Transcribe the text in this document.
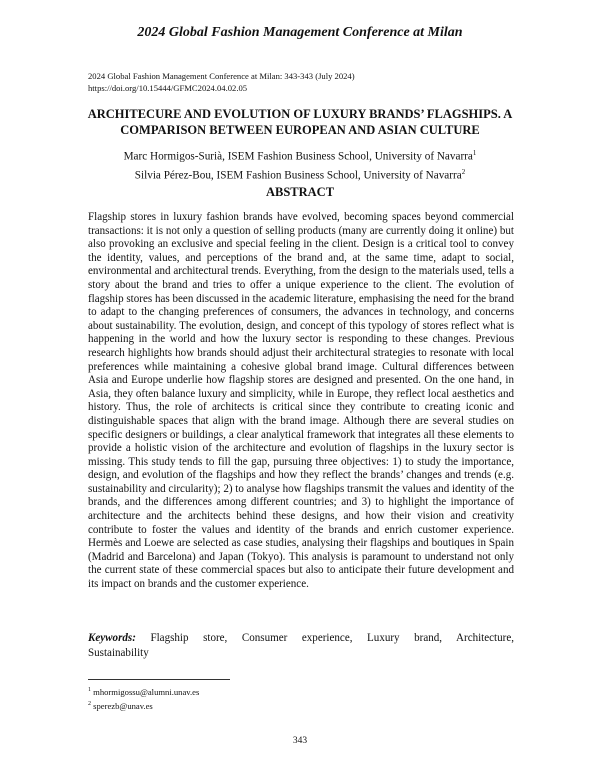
2024 Global Fashion Management Conference at Milan
2024 Global Fashion Management Conference at Milan: 343-343 (July 2024)
https://doi.org/10.15444/GFMC2024.04.02.05
ARCHITECURE AND EVOLUTION OF LUXURY BRANDS’ FLAGSHIPS. A
COMPARISON BETWEEN EUROPEAN AND ASIAN CULTURE
Marc Hormigos-Surià, ISEM Fashion Business School, University of Navarra$^1$
Silvia Pérez-Bou, ISEM Fashion Business School, University of Navarra$^2$
ABSTRACT

Flagship stores in luxury fashion brands have evolved, becoming spaces beyond commercial transactions: it is not only a question of selling products (many are currently doing it online) but also provoking an exclusive and special feeling in the client. Design is a critical tool to convey the identity, values, and perceptions of the brand and, at the same time, adapt to social, environmental and architectural trends. Everything, from the design to the materials used, tells a story about the brand and tries to offer a unique experience to the client. The evolution of flagship stores has been discussed in the academic literature, emphasising the need for the brand to adapt to the changing preferences of consumers, the advances in technology, and concerns about sustainability. The evolution, design, and concept of this typology of stores reflect what is happening in the world and how the luxury sector is responding to these changes. Previous research highlights how brands should adjust their architectural strategies to resonate with local preferences while maintaining a cohesive global brand image. Cultural differences between Asia and Europe underlie how flagship stores are designed and presented. On the one hand, in Asia, they often balance luxury and simplicity, while in Europe, they reflect local aesthetics and history. Thus, the role of architects is critical since they contribute to creating iconic and distinguishable spaces that align with the brand image. Although there are several studies on specific designers or buildings, a clear analytical framework that integrates all these elements to provide a holistic vision of the architecture and evolution of flagships in the luxury sector is missing. This study tends to fill the gap, pursuing three objectives: 1) to study the importance, design, and evolution of the flagships and how they reflect the brands’ changes and trends (e.g. sustainability and circularity); 2) to analyse how flagships transmit the values and identity of the brands, and the differences among different countries; and 3) to highlight the importance of architecture and the architects behind these designs, and how their vision and creativity contribute to foster the values and identity of the brands and enrich customer experience. Hermès and Loewe are selected as case studies, analysing their flagships and boutiques in Spain (Madrid and Barcelona) and Japan (Tokyo). This analysis is paramount to understand not only the current state of these commercial spaces but also to anticipate their future development and its impact on brands and the customer experience.

Keywords: Flagship store, Consumer experience, Luxury brand, Architecture, Sustainability

$^1$ mhormigossu@alumni.unav.es
$^2$ sperezb@unav.es
343
